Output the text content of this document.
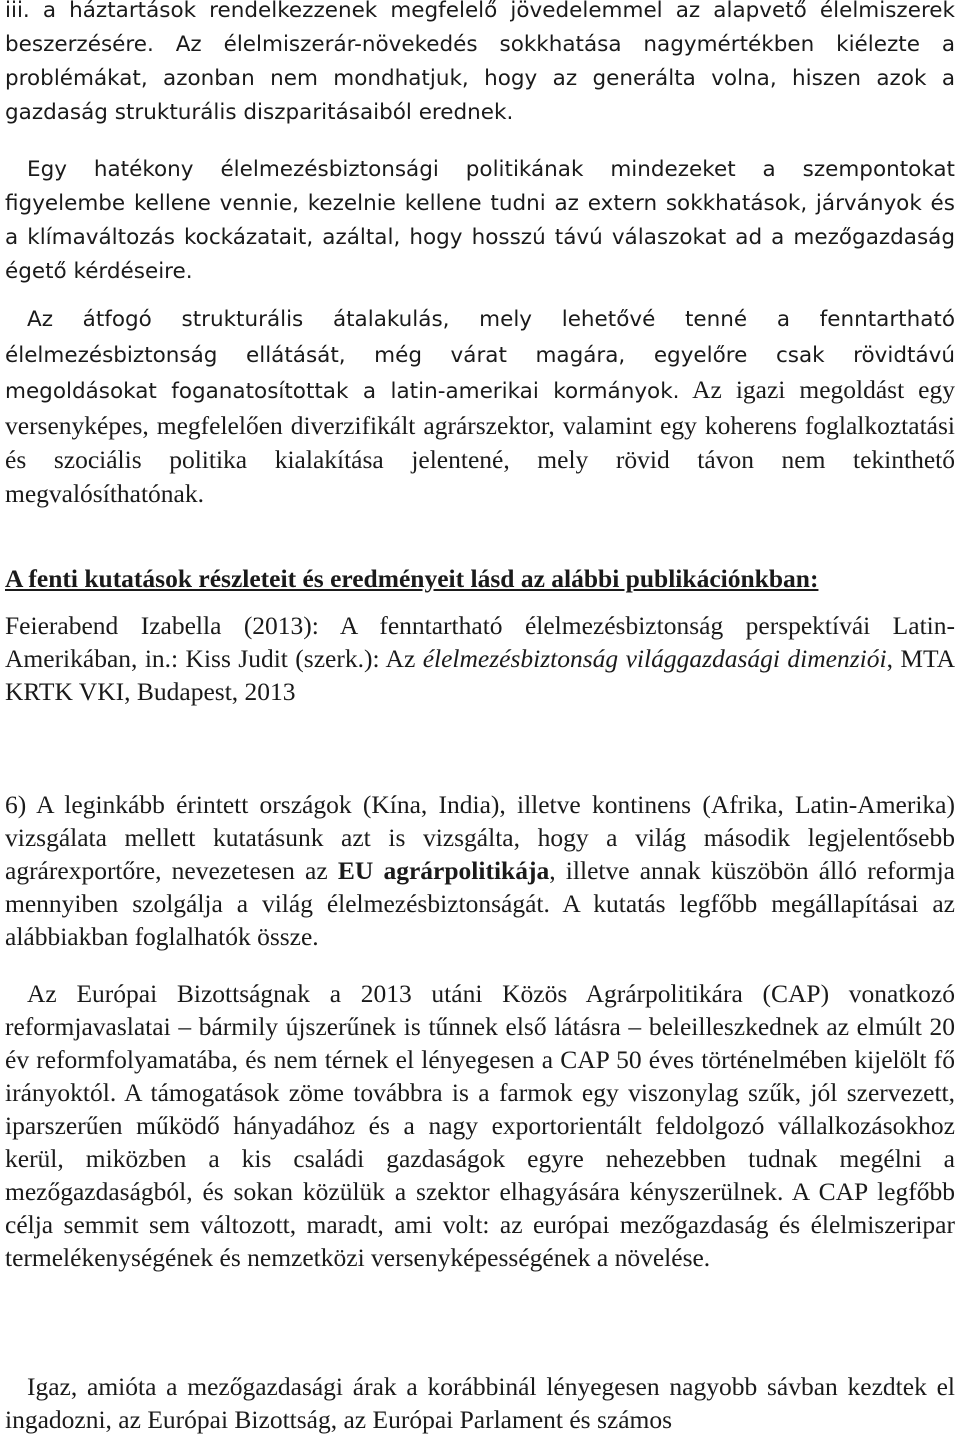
iii. a háztartások rendelkezzenek megfelelő jövedelemmel az alapvető élelmiszerek beszerzésére. Az élelmiszerár-növekedés sokkhatása nagymértékben kiélezte a problémákat, azonban nem mondhatjuk, hogy az generálta volna, hiszen azok a gazdaság strukturális diszparitásaiból erednek.

Egy hatékony élelmezésbiztonsági politikának mindezeket a szempontokat figyelembe kellene vennie, kezelnie kellene tudni az extern sokkhatások, járványok és a klímaváltozás kockázatait, azáltal, hogy hosszú távú válaszokat ad a mezőgazdaság égető kérdéseire.

Az átfogó strukturális átalakulás, mely lehetővé tenné a fenntartható élelmezésbiztonság ellátását, még várat magára, egyelőre csak rövidtávú megoldásokat foganatosítottak a latin-amerikai kormányok. Az igazi megoldást egy versenyképes, megfelelően diverzifikált agrárszektor, valamint egy koherens foglalkoztatási és szociális politika kialakítása jelentené, mely rövid távon nem tekinthető megvalósíthatónak.

A fenti kutatások részleteit és eredményeit lásd az alábbi publikációnkban:

Feierabend Izabella (2013): A fenntartható élelmezésbiztonság perspektívái Latin-Amerikában, in.: Kiss Judit (szerk.): Az élelmezésbiztonság világgazdasági dimenziói, MTA KRTK VKI, Budapest, 2013

6) A leginkább érintett országok (Kína, India), illetve kontinens (Afrika, Latin-Amerika) vizsgálata mellett kutatásunk azt is vizsgálta, hogy a világ második legjelentősebb agrárexportőre, nevezetesen az EU agrárpolitikája, illetve annak küszöbön álló reformja mennyiben szolgálja a világ élelmezésbiztonságát. A kutatás legfőbb megállapításai az alábbiakban foglalhatók össze.

Az Európai Bizottságnak a 2013 utáni Közös Agrárpolitikára (CAP) vonatkozó reformjavaslatai – bármily újszerűnek is tűnnek első látásra – beleilleszkednek az elmúlt 20 év reformfolyamatába, és nem térnek el lényegesen a CAP 50 éves történelmében kijelölt fő irányoktól. A támogatások zöme továbbra is a farmok egy viszonylag szűk, jól szervezett, iparszerűen működő hányadához és a nagy exportorientált feldolgozó vállalkozásokhoz kerül, miközben a kis családi gazdaságok egyre nehezebben tudnak megélni a mezőgazdaságból, és sokan közülük a szektor elhagyására kényszerülnek. A CAP legfőbb célja semmit sem változott, maradt, ami volt: az európai mezőgazdaság és élelmiszeripar termelékenységének és nemzetközi versenyképességének a növelése.

Igaz, amióta a mezőgazdasági árak a korábbinál lényegesen nagyobb sávban kezdtek el ingadozni, az Európai Bizottság, az Európai Parlament és számos
